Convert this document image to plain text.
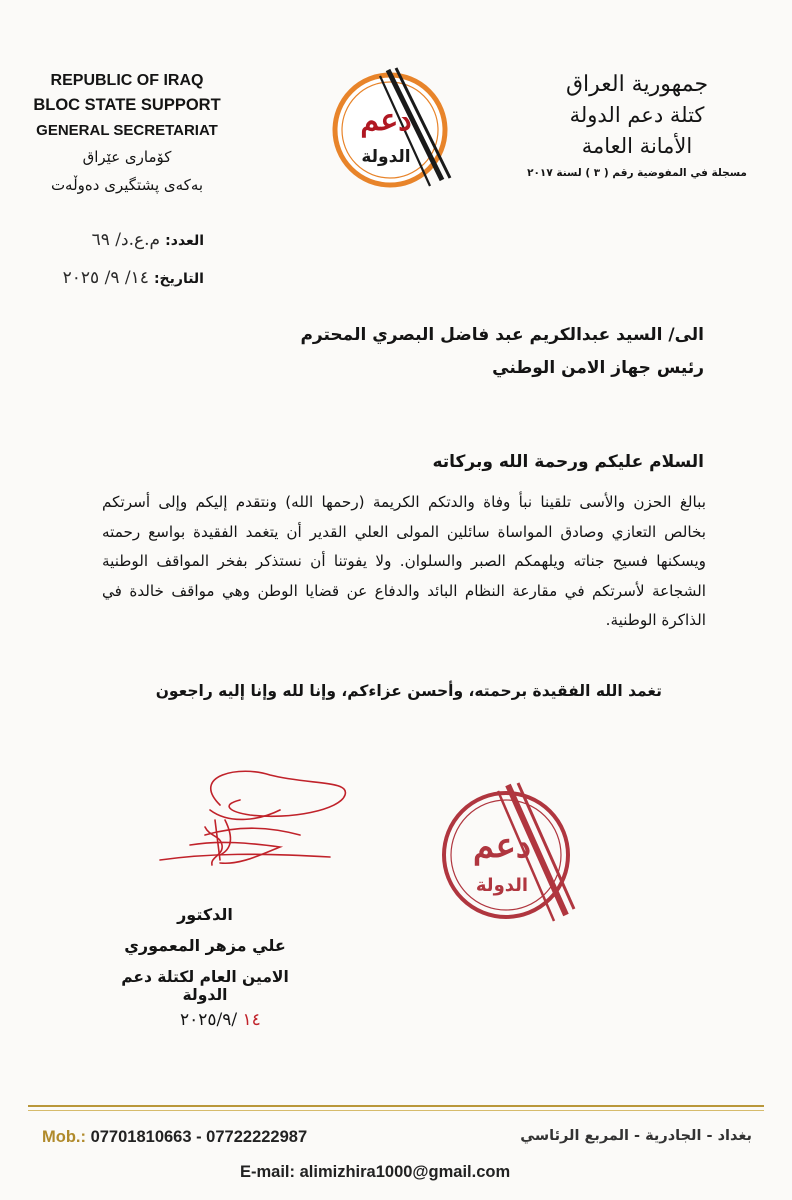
REPUBLIC OF IRAQ
BLOC STATE SUPPORT
GENERAL SECRETARIAT
کۆماری عێراق
بەکەی پشتگیری دەوڵەت
دعم
الدولة
جمهورية العراق
كتلة دعم الدولة
الأمانة العامة
مسجلة في المفوضية رقم ( ٣ ) لسنة ٢٠١٧
العدد: م.ع.د/ ٦٩
التاريخ: ١٤/ ٩/ ٢٠٢٥
الى/ السيد عبدالكريم عبد فاضل البصري المحترم
رئيس جهاز الامن الوطني
السلام عليكم ورحمة الله وبركاته
ببالغ الحزن والأسى تلقينا نبأ وفاة والدتكم الكريمة (رحمها الله) ونتقدم إليكم وإلى أسرتكم بخالص التعازي وصادق المواساة سائلين المولى العلي القدير أن يتغمد الفقيدة بواسع رحمته ويسكنها فسيح جناته ويلهمكم الصبر والسلوان. ولا يفوتنا أن نستذكر بفخر المواقف الوطنية الشجاعة لأسرتكم في مقارعة النظام البائد والدفاع عن قضايا الوطن وهي مواقف خالدة في الذاكرة الوطنية.
تغمد الله الفقيدة برحمته، وأحسن عزاءكم، وإنا لله وإنا إليه راجعون
الدكتور
علي مزهر المعموري
الامين العام لكتلة دعم الدولة
١٤ /٢٠٢٥/٩
دعم
الدولة
Mob.: 07701810663 - 07722222987	بغداد - الجادرية - المربع الرئاسي
E-mail: alimizhira1000@gmail.com
